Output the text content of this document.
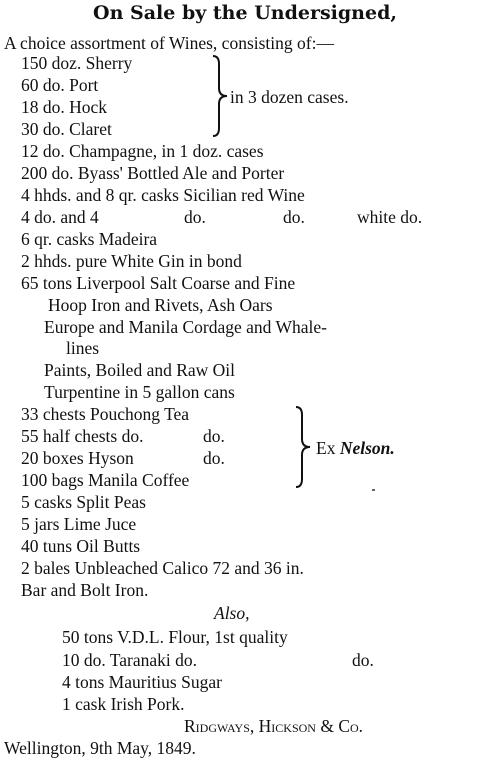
On Sale by the Undersigned,
A choice assortment of Wines, consisting of:—
150 doz. Sherry
60 do. Port
18 do. Hock
30 do. Claret
in 3 dozen cases.
12 do. Champagne, in 1 doz. cases
200 do. Byass' Bottled Ale and Porter
4 hhds. and 8 qr. casks Sicilian red Wine
4 do. and 4	do.	do.	white do.
6 qr. casks Madeira
2 hhds. pure White Gin in bond
65 tons Liverpool Salt Coarse and Fine
Hoop Iron and Rivets, Ash Oars
Europe and Manila Cordage and Whale-
lines
Paints, Boiled and Raw Oil
Turpentine in 5 gallon cans
33 chests Pouchong Tea
55 half chests do.	do.
20 boxes Hyson	do.
100 bags Manila Coffee
Ex Nelson.
5 casks Split Peas
5 jars Lime Juce
40 tuns Oil Butts
2 bales Unbleached Calico 72 and 36 in.
Bar and Bolt Iron.
Also,
50 tons V.D.L. Flour, 1st quality
10 do. Taranaki do.	do.
4 tons Mauritius Sugar
1 cask Irish Pork.
Ridgways, Hickson & Co.
Wellington, 9th May, 1849.
